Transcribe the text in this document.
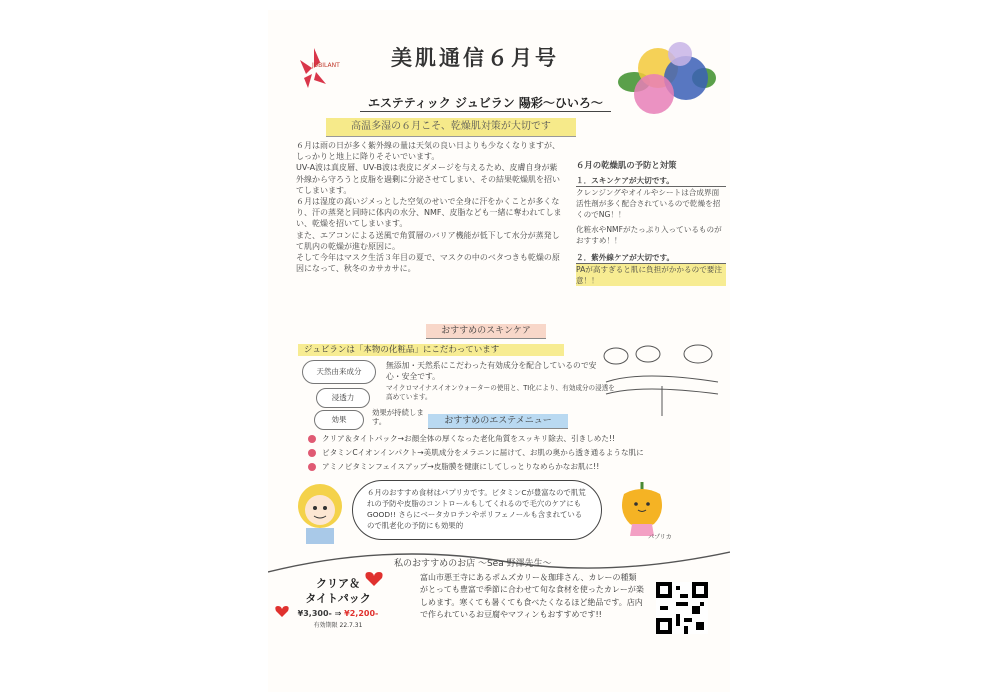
JUBILANT 美肌通信６月号
エステティック ジュビラン 陽彩〜ひいろ〜
高温多湿の６月こそ、乾燥肌対策が大切です

６月は雨の日が多く紫外線の量は天気の良い日よりも少なくなりますが、しっかりと地上に降りそそいでいます。

UV-A波は真皮層、UV-B波は表皮にダメージを与えるため、皮膚自身が紫外線から守ろうと皮脂を過剰に分泌させてしまい、その結果乾燥肌を招いてしまいます。

６月は湿度の高いジメっとした空気のせいで全身に汗をかくことが多くなり、汗の蒸発と同時に体内の水分、NMF、皮脂なども一緒に奪われてしまい、乾燥を招いてしまいます。

また、エアコンによる送風で角質層のバリア機能が低下して水分が蒸発して肌内の乾燥が進む原因に。

そして今年はマスク生活３年目の夏で、マスクの中のベタつきも乾燥の原因になって、秋冬のカサカサに。

６月の乾燥肌の予防と対策
１．スキンケアが大切です。
クレンジングやオイルやシートは合成界面活性剤が多く配合されているので乾燥を招くのでNG！！
化粧水やNMFがたっぷり入っているものがおすすめ！！
２．紫外線ケアが大切です。
PAが高すぎると肌に負担がかかるので要注意！！
おすすめのスキンケア
ジュビランは「本物の化粧品」にこだわっています
天然由来成分
浸透力
効果
無添加・天然系にこだわった有効成分を配合しているので安心・安全です。
マイクロマイナスイオンウォーターの使用と、TI化により、有効成分の浸透を高めています。
効果が持続します。	おすすめのエステメニュー
クリア＆タイトパック →お顔全体の厚くなった老化角質をスッキリ除去、引きしめた!!
ビタミンCイオンインパクト →美肌成分をメラニンに届けて、お肌の奥から透き通るような肌に
アミノビタミンフェイスアップ →皮脂膜を健康にしてしっとりなめらかなお肌に!!
６月のおすすめ食材はパプリカです。ビタミンCが豊富なので肌荒れの予防や皮脂のコントロールもしてくれるので毛穴のケアにもGOOD!! さらにベータカロテンやポリフェノールも含まれているので肌老化の予防にも効果的
パプリカ
私のおすすめのお店 〜Sea 野澤先生〜
富山市悪王寺にあるポムズカリー＆珈琲さん、カレーの種類がとっても豊富で季節に合わせて旬な食材を使ったカレーが楽しめます。寒くても暑くても食べたくなるほど絶品です。店内で作られているお豆腐やマフィンもおすすめです!!
クリア＆
タイトパック
¥3,300- ⇒ ¥2,200-
有効期限 22.7.31
